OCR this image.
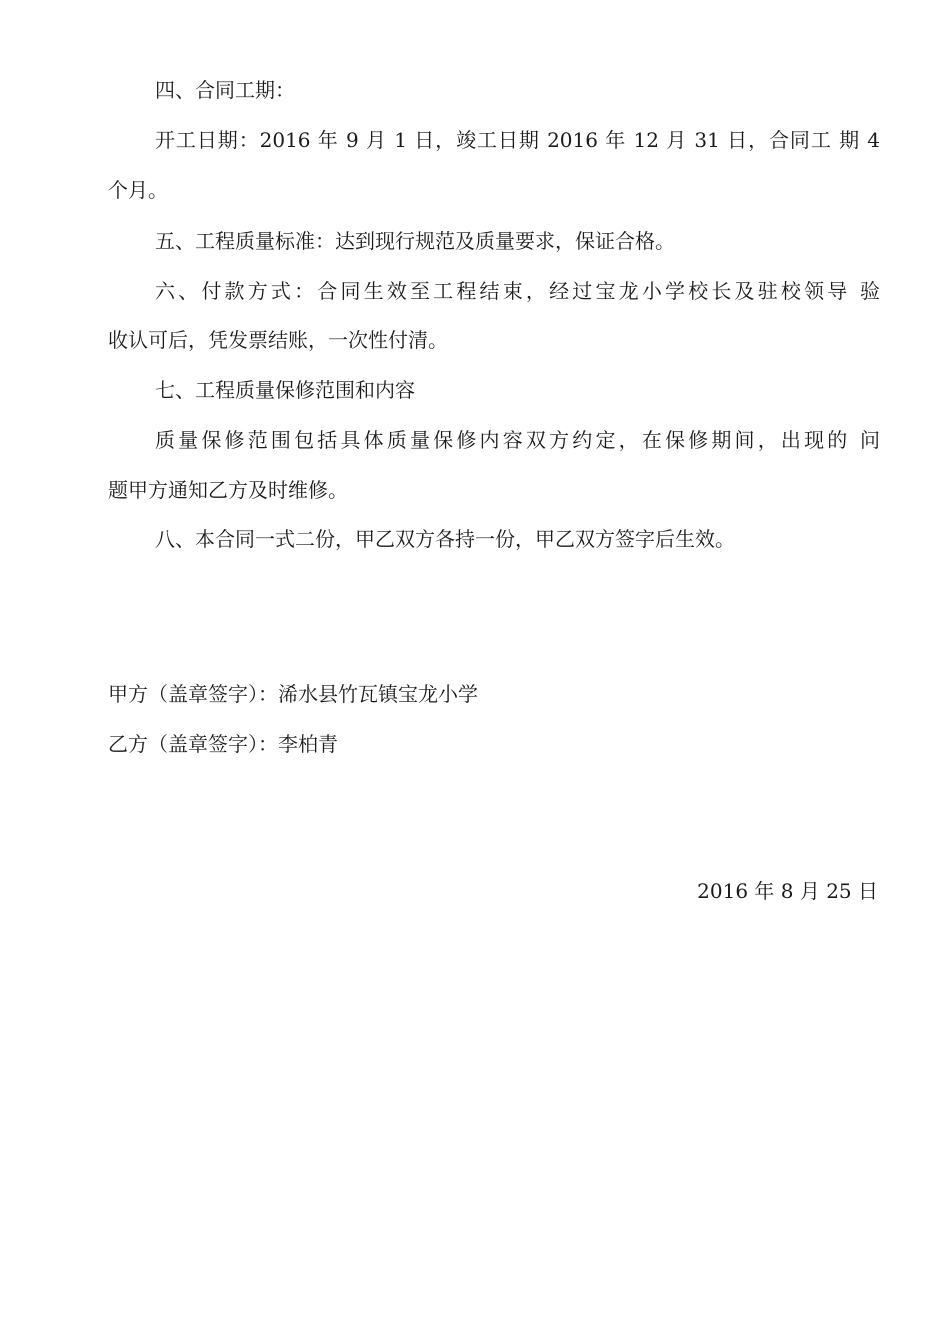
四、合同工期：
开工日期：2016 年 9 月 1 日，竣工日期 2016 年 12 月 31 日，合同工 期 4
个月。
五、工程质量标准：达到现行规范及质量要求，保证合格。
六、付款方式：合同生效至工程结束，经过宝龙小学校长及驻校领导 验
收认可后，凭发票结账，一次性付清。
七、工程质量保修范围和内容
质量保修范围包括具体质量保修内容双方约定，在保修期间，出现的 问
题甲方通知乙方及时维修。
八、本合同一式二份，甲乙双方各持一份，甲乙双方签字后生效。
甲方（盖章签字）：浠水县竹瓦镇宝龙小学
乙方（盖章签字）：李柏青
2016 年 8 月 25 日
